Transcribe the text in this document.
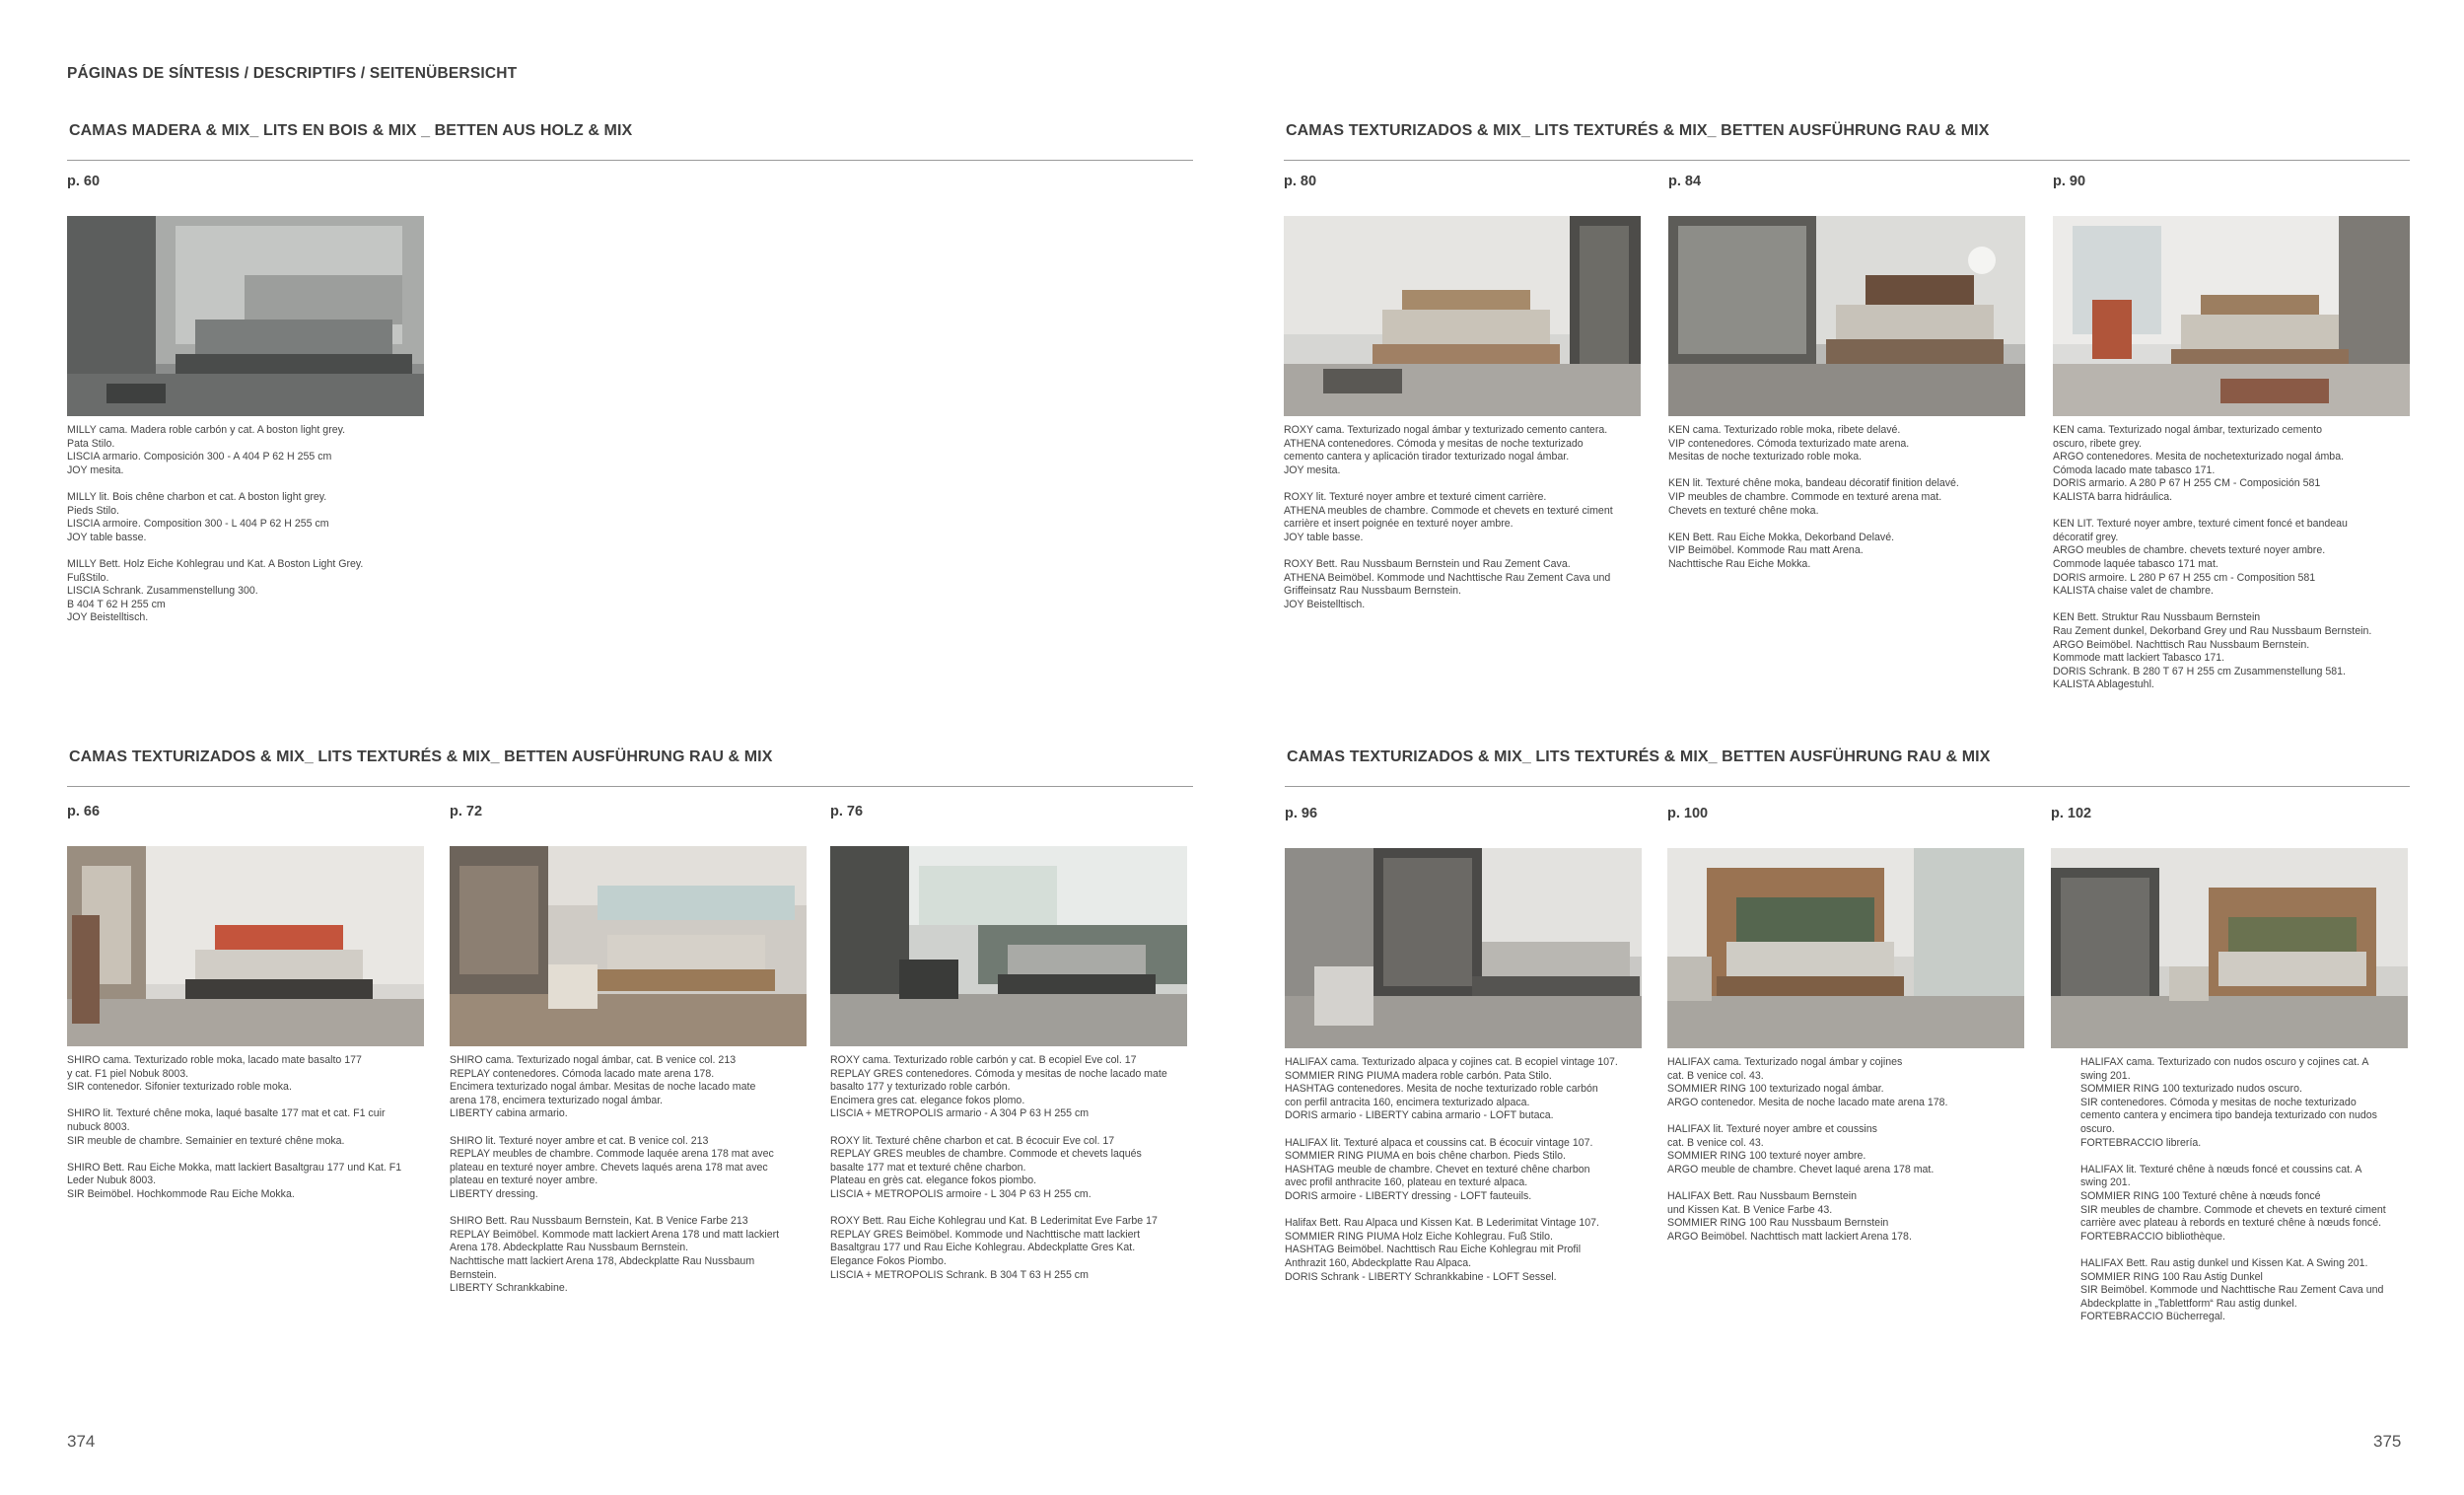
PÁGINAS DE SÍNTESIS / DESCRIPTIFS / SEITENÜBERSICHT
CAMAS MADERA & MIX_ LITS EN BOIS & MIX _ BETTEN AUS HOLZ & MIX
p. 60

MILLY cama. Madera roble carbón y cat. A boston light grey.
Pata Stilo.
LISCIA armario. Composición 300 - A 404 P 62 H 255 cm
JOY mesita.

MILLY lit. Bois chêne charbon et cat. A boston light grey.
Pieds Stilo.
LISCIA armoire. Composition 300 - L 404 P 62 H 255 cm
JOY table basse.

MILLY Bett. Holz Eiche Kohlegrau und Kat. A Boston Light Grey.
FußStilo.
LISCIA Schrank. Zusammenstellung 300.
B 404 T 62 H 255 cm
JOY Beistelltisch.

CAMAS TEXTURIZADOS & MIX_ LITS TEXTURÉS & MIX_ BETTEN AUSFÜHRUNG RAU & MIX
p. 80

ROXY cama. Texturizado nogal ámbar y texturizado cemento cantera.
ATHENA contenedores. Cómoda y mesitas de noche texturizado
cemento cantera y aplicación tirador texturizado nogal ámbar.
JOY mesita.

ROXY lit. Texturé noyer ambre et texturé ciment carrière.
ATHENA meubles de chambre. Commode et chevets en texturé ciment
carrière et insert poignée en texturé noyer ambre.
JOY table basse.

ROXY Bett. Rau Nussbaum Bernstein und Rau Zement Cava.
ATHENA Beimöbel. Kommode und Nachttische Rau Zement Cava und
Griffeinsatz Rau Nussbaum Bernstein.
JOY Beistelltisch.

p. 84

KEN cama. Texturizado roble moka, ribete delavé.
VIP contenedores. Cómoda texturizado mate arena.
Mesitas de noche texturizado roble moka.

KEN lit. Texturé chêne moka, bandeau décoratif finition delavé.
VIP meubles de chambre. Commode en texturé arena mat.
Chevets en texturé chêne moka.

KEN Bett. Rau Eiche Mokka, Dekorband Delavé.
VIP Beimöbel. Kommode Rau matt Arena.
Nachttische Rau Eiche Mokka.

p. 90

KEN cama. Texturizado nogal ámbar, texturizado cemento
oscuro, ribete grey.
ARGO contenedores. Mesita de nochetexturizado nogal ámba.
Cómoda lacado mate tabasco 171.
DORIS armario. A 280 P 67 H 255 CM - Composición 581
KALISTA barra hidráulica.

KEN LIT. Texturé noyer ambre, texturé ciment foncé et bandeau
décoratif grey.
ARGO meubles de chambre. chevets texturé noyer ambre.
Commode laquée tabasco 171 mat.
DORIS armoire. L 280 P 67 H 255 cm - Composition 581
KALISTA chaise valet de chambre.

KEN Bett. Struktur Rau Nussbaum Bernstein
Rau Zement dunkel, Dekorband Grey und Rau Nussbaum Bernstein.
ARGO Beimöbel. Nachttisch Rau Nussbaum Bernstein.
Kommode matt lackiert Tabasco 171.
DORIS Schrank. B 280 T 67 H 255 cm Zusammenstellung 581.
KALISTA Ablagestuhl.

CAMAS TEXTURIZADOS & MIX_ LITS TEXTURÉS & MIX_ BETTEN AUSFÜHRUNG RAU & MIX
p. 66

SHIRO cama. Texturizado roble moka, lacado mate basalto 177
y cat. F1 piel Nobuk 8003.
SIR contenedor. Sifonier texturizado roble moka.

SHIRO lit. Texturé chêne moka, laqué basalte 177 mat et cat. F1 cuir
nubuck 8003.
SIR meuble de chambre. Semainier en texturé chêne moka.

SHIRO Bett. Rau Eiche Mokka, matt lackiert Basaltgrau 177 und Kat. F1
Leder Nubuk 8003.
SIR Beimöbel. Hochkommode Rau Eiche Mokka.

p. 72

SHIRO cama. Texturizado nogal ámbar, cat. B venice col. 213
REPLAY contenedores. Cómoda lacado mate arena 178.
Encimera texturizado nogal ámbar. Mesitas de noche lacado mate
arena 178, encimera texturizado nogal ámbar.
LIBERTY cabina armario.

SHIRO lit. Texturé noyer ambre et cat. B venice col. 213
REPLAY meubles de chambre. Commode laquée arena 178 mat avec
plateau en texturé noyer ambre. Chevets laqués arena 178 mat avec
plateau en texturé noyer ambre.
LIBERTY dressing.

SHIRO Bett. Rau Nussbaum Bernstein, Kat. B Venice Farbe 213
REPLAY Beimöbel. Kommode matt lackiert Arena 178 und matt lackiert
Arena 178. Abdeckplatte Rau Nussbaum Bernstein.
Nachttische matt lackiert Arena 178, Abdeckplatte Rau Nussbaum
Bernstein.
LIBERTY Schrankkabine.

p. 76

ROXY cama. Texturizado roble carbón y cat. B ecopiel Eve col. 17
REPLAY GRES contenedores. Cómoda y mesitas de noche lacado mate
basalto 177 y texturizado roble carbón.
Encimera gres cat. elegance fokos plomo.
LISCIA + METROPOLIS armario - A 304 P 63 H 255 cm

ROXY lit. Texturé chêne charbon et cat. B écocuir Eve col. 17
REPLAY GRES meubles de chambre. Commode et chevets laqués
basalte 177 mat et texturé chêne charbon.
Plateau en grès cat. elegance fokos piombo.
LISCIA + METROPOLIS armoire - L 304 P 63 H 255 cm.

ROXY Bett. Rau Eiche Kohlegrau und Kat. B Lederimitat Eve Farbe 17
REPLAY GRES Beimöbel. Kommode und Nachttische matt lackiert
Basaltgrau 177 und Rau Eiche Kohlegrau. Abdeckplatte Gres Kat.
Elegance Fokos Piombo.
LISCIA + METROPOLIS Schrank. B 304 T 63 H 255 cm

CAMAS TEXTURIZADOS & MIX_ LITS TEXTURÉS & MIX_ BETTEN AUSFÜHRUNG RAU & MIX
p. 96

HALIFAX cama. Texturizado alpaca y cojines cat. B ecopiel vintage 107.
SOMMIER RING PIUMA madera roble carbón. Pata Stilo.
HASHTAG contenedores. Mesita de noche texturizado roble carbón
con perfil antracita 160, encimera texturizado alpaca.
DORIS armario - LIBERTY cabina armario - LOFT butaca.

HALIFAX lit. Texturé alpaca et coussins cat. B écocuir vintage 107.
SOMMIER RING PIUMA en bois chêne charbon. Pieds Stilo.
HASHTAG meuble de chambre. Chevet en texturé chêne charbon
avec profil anthracite 160, plateau en texturé alpaca.
DORIS armoire - LIBERTY dressing - LOFT fauteuils.

Halifax Bett. Rau Alpaca und Kissen Kat. B Lederimitat Vintage 107.
SOMMIER RING PIUMA Holz Eiche Kohlegrau. Fuß Stilo.
HASHTAG Beimöbel. Nachttisch Rau Eiche Kohlegrau mit Profil
Anthrazit 160, Abdeckplatte Rau Alpaca.
DORIS Schrank - LIBERTY Schrankkabine - LOFT Sessel.

p. 100

HALIFAX cama. Texturizado nogal ámbar y cojines
cat. B venice col. 43.
SOMMIER RING 100 texturizado nogal ámbar.
ARGO contenedor. Mesita de noche lacado mate arena 178.

HALIFAX lit. Texturé noyer ambre et coussins
cat. B venice col. 43.
SOMMIER RING 100 texturé noyer ambre.
ARGO meuble de chambre. Chevet laqué arena 178 mat.

HALIFAX Bett. Rau Nussbaum Bernstein
und Kissen Kat. B Venice Farbe 43.
SOMMIER RING 100 Rau Nussbaum Bernstein
ARGO Beimöbel. Nachttisch matt lackiert Arena 178.

p. 102

HALIFAX cama. Texturizado con nudos oscuro y cojines cat. A
swing 201.
SOMMIER RING 100 texturizado nudos oscuro.
SIR contenedores. Cómoda y mesitas de noche texturizado
cemento cantera y encimera tipo bandeja texturizado con nudos
oscuro.
FORTEBRACCIO librería.

HALIFAX lit. Texturé chêne à nœuds foncé et coussins cat. A
swing 201.
SOMMIER RING 100 Texturé chêne à nœuds foncé
SIR meubles de chambre. Commode et chevets en texturé ciment
carrière avec plateau à rebords en texturé chêne à nœuds foncé.
FORTEBRACCIO bibliothèque.

HALIFAX Bett. Rau astig dunkel und Kissen Kat. A Swing 201.
SOMMIER RING 100 Rau Astig Dunkel
SIR Beimöbel. Kommode und Nachttische Rau Zement Cava und
Abdeckplatte in „Tablettform“ Rau astig dunkel.
FORTEBRACCIO Bücherregal.

374	375
